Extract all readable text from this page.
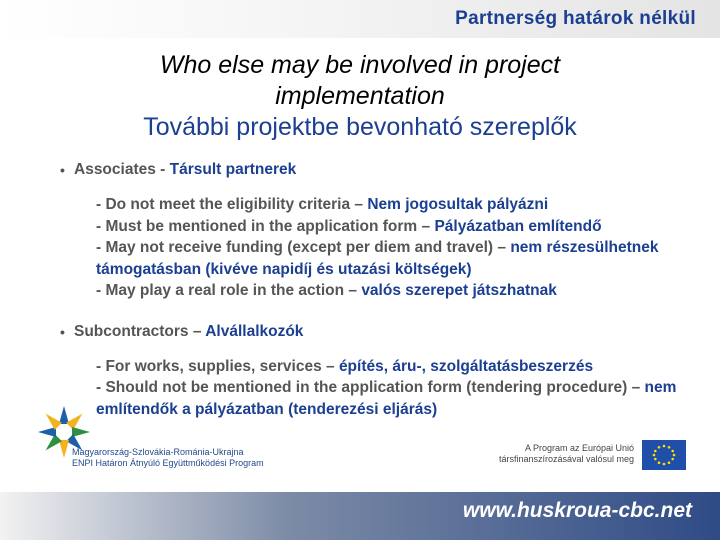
Partnerség határok nélkül
Who else may be involved in project
implementation
További projektbe bevonható szereplők
• Associates - Társult partnerek
- Do not meet the eligibility criteria – Nem jogosultak pályázni
- Must be mentioned in the application form – Pályázatban említendő
- May not receive funding (except per diem and travel) – nem részesülhetnek támogatásban (kivéve napidíj és utazási költségek)
- May play a real role in the action – valós szerepet játszhatnak
• Subcontractors – Alvállalkozók
- For works, supplies, services – építés, áru-, szolgáltatásbeszerzés
- Should not be mentioned in the application form (tendering procedure) – nem említendők a pályázatban (tenderezési eljárás)
Magyarország-Szlovákia-Románia-Ukrajna
ENPI Határon Átnyúló Együttműködési Program
A Program az Európai Unió
társfinanszírozásával valósul meg
www.huskroua-cbc.net
